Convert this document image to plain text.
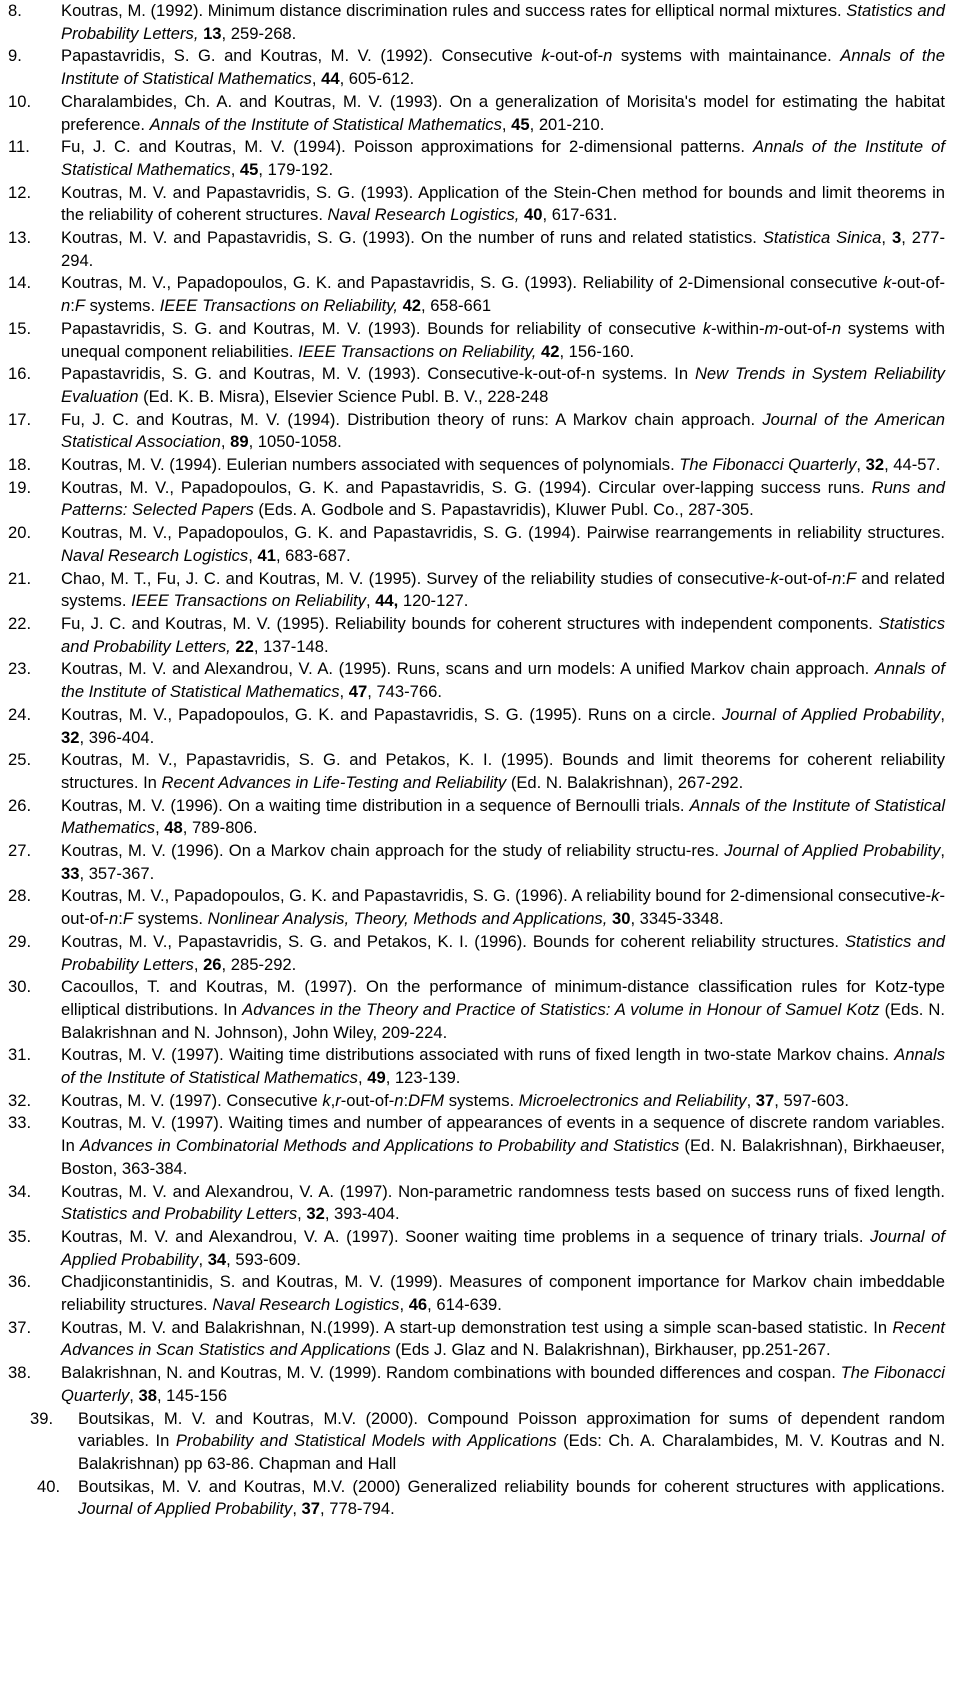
8.	Koutras, M. (1992). Minimum distance discrimination rules and success rates for elliptical normal mixtures. Statistics and Probability Letters, 13, 259-268.
9.	Papastavridis, S. G. and Koutras, M. V. (1992). Consecutive k-out-of-n systems with maintainance. Annals of the Institute of Statistical Mathematics, 44, 605-612.
10.	Charalambides, Ch. A. and Koutras, M. V. (1993). On a generalization of Morisita's model for estimating the habitat preference. Annals of the Institute of Statistical Mathematics, 45, 201-210.
11.	Fu, J. C. and Koutras, M. V. (1994). Poisson approximations for 2-dimensional patterns. Annals of the Institute of Statistical Mathematics, 45, 179-192.
12.	Koutras, M. V. and Papastavridis, S. G. (1993). Application of the Stein-Chen method for bounds and limit theorems in the reliability of coherent structures. Naval Research Logistics, 40, 617-631.
13.	Koutras, M. V. and Papastavridis, S. G. (1993). On the number of runs and related statistics. Statistica Sinica, 3, 277-294.
14.	Koutras, M. V., Papadopoulos, G. K. and Papastavridis, S. G. (1993). Reliability of 2-Dimensional consecutive k-out-of-n:F systems. IEEE Transactions on Reliability, 42, 658-661
15.	Papastavridis, S. G. and Koutras, M. V. (1993). Bounds for reliability of consecutive k-within-m-out-of-n systems with unequal component reliabilities. IEEE Transactions on Reliability, 42, 156-160.
16.	Papastavridis, S. G. and Koutras, M. V. (1993). Consecutive-k-out-of-n systems. In New Trends in System Reliability Evaluation (Ed. K. B. Misra), Elsevier Science Publ. B. V., 228-248
17.	Fu, J. C. and Koutras, M. V. (1994). Distribution theory of runs: A Markov chain approach. Journal of the American Statistical Association, 89, 1050-1058.
18.	Koutras, M. V. (1994). Eulerian numbers associated with sequences of polynomials. The Fibonacci Quarterly, 32, 44-57.
19.	Koutras, M. V., Papadopoulos, G. K. and Papastavridis, S. G. (1994). Circular over-lapping success runs. Runs and Patterns: Selected Papers (Eds. A. Godbole and S. Papastavridis), Kluwer Publ. Co., 287-305.
20.	Koutras, M. V., Papadopoulos, G. K. and Papastavridis, S. G. (1994). Pairwise rearrangements in reliability structures. Naval Research Logistics, 41, 683-687.
21.	Chao, M. T., Fu, J. C. and Koutras, M. V. (1995). Survey of the reliability studies of consecutive-k-out-of-n:F and related systems. IEEE Transactions on Reliability, 44, 120-127.
22.	Fu, J. C. and Koutras, M. V. (1995). Reliability bounds for coherent structures with independent components. Statistics and Probability Letters, 22, 137-148.
23.	Koutras, M. V. and Alexandrou, V. A. (1995). Runs, scans and urn models: A unified Markov chain approach. Annals of the Institute of Statistical Mathematics, 47, 743-766.
24.	Koutras, M. V., Papadopoulos, G. K. and Papastavridis, S. G. (1995). Runs on a circle. Journal of Applied Probability, 32, 396-404.
25.	Koutras, M. V., Papastavridis, S. G. and Petakos, K. I. (1995). Bounds and limit theorems for coherent reliability structures. In Recent Advances in Life-Testing and Reliability (Ed. N. Balakrishnan), 267-292.
26.	Koutras, M. V. (1996). On a waiting time distribution in a sequence of Bernoulli trials. Annals of the Institute of Statistical Mathematics, 48, 789-806.
27.	Koutras, M. V. (1996). On a Markov chain approach for the study of reliability structu-res. Journal of Applied Probability, 33, 357-367.
28.	Koutras, M. V., Papadopoulos, G. K. and Papastavridis, S. G. (1996). A reliability bound for 2-dimensional consecutive-k-out-of-n:F systems. Nonlinear Analysis, Theory, Methods and Applications, 30, 3345-3348.
29.	Koutras, M. V., Papastavridis, S. G. and Petakos, K. I. (1996). Bounds for coherent reliability structures. Statistics and Probability Letters, 26, 285-292.
30.	Cacoullos, T. and Koutras, M. (1997). On the performance of minimum-distance classification rules for Kotz-type elliptical distributions. In Advances in the Theory and Practice of Statistics: A volume in Honour of Samuel Kotz (Eds. N. Balakrishnan and N. Johnson), John Wiley, 209-224.
31.	Koutras, M. V. (1997). Waiting time distributions associated with runs of fixed length in two-state Markov chains. Annals of the Institute of Statistical Mathematics, 49, 123-139.
32.	Koutras, M. V. (1997). Consecutive k,r-out-of-n:DFM systems. Microelectronics and Reliability, 37, 597-603.
33.	Koutras, M. V. (1997). Waiting times and number of appearances of events in a sequence of discrete random variables. In Advances in Combinatorial Methods and Applications to Probability and Statistics (Ed. N. Balakrishnan), Birkhaeuser, Boston, 363-384.
34.	Koutras, M. V. and Alexandrou, V. A. (1997). Non-parametric randomness tests based on success runs of fixed length. Statistics and Probability Letters, 32, 393-404.
35.	Koutras, M. V. and Alexandrou, V. A. (1997). Sooner waiting time problems in a sequence of trinary trials. Journal of Applied Probability, 34, 593-609.
36.	Chadjiconstantinidis, S. and Koutras, M. V. (1999). Measures of component importance for Markov chain imbeddable reliability structures. Naval Research Logistics, 46, 614-639.
37.	Koutras, M. V. and Balakrishnan, N.(1999). A start-up demonstration test using a simple scan-based statistic. In Recent Advances in Scan Statistics and Applications (Eds J. Glaz and N. Balakrishnan), Birkhauser, pp.251-267.
38.	Balakrishnan, N. and Koutras, M. V. (1999). Random combinations with bounded differences and cospan. The Fibonacci Quarterly, 38, 145-156
39.	Boutsikas, M. V. and Koutras, M.V. (2000). Compound Poisson approximation for sums of dependent random variables. In Probability and Statistical Models with Applications (Eds: Ch. A. Charalambides, M. V. Koutras and N. Balakrishnan) pp 63-86. Chapman and Hall
40.	Boutsikas, M. V. and Koutras, M.V. (2000) Generalized reliability bounds for coherent structures with applications. Journal of Applied Probability, 37, 778-794.
